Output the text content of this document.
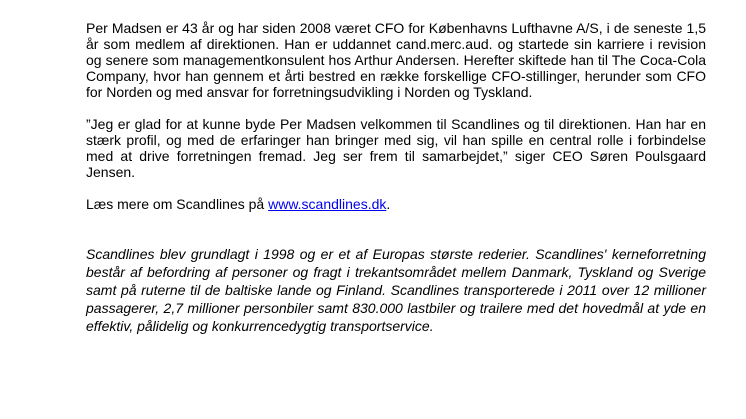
Per Madsen er 43 år og har siden 2008 været CFO for Københavns Lufthavne A/S, i de seneste 1,5 år som medlem af direktionen. Han er uddannet cand.merc.aud. og startede sin karriere i revision og senere som managementkonsulent hos Arthur Andersen. Herefter skiftede han til The Coca-Cola Company, hvor han gennem et årti bestred en række forskellige CFO-stillinger, herunder som CFO for Norden og med ansvar for forretningsudvikling i Norden og Tyskland.

”Jeg er glad for at kunne byde Per Madsen velkommen til Scandlines og til direktionen. Han har en stærk profil, og med de erfaringer han bringer med sig, vil han spille en central rolle i forbindelse med at drive forretningen fremad. Jeg ser frem til samarbejdet,” siger CEO Søren Poulsgaard Jensen.

Læs mere om Scandlines på www.scandlines.dk.

Scandlines blev grundlagt i 1998 og er et af Europas største rederier. Scandlines' kerneforretning består af befordring af personer og fragt i trekantsområdet mellem Danmark, Tyskland og Sverige samt på ruterne til de baltiske lande og Finland. Scandlines transporterede i 2011 over 12 millioner passagerer, 2,7 millioner personbiler samt 830.000 lastbiler og trailere med det hovedmål at yde en effektiv, pålidelig og konkurrencedygtig transportservice.
